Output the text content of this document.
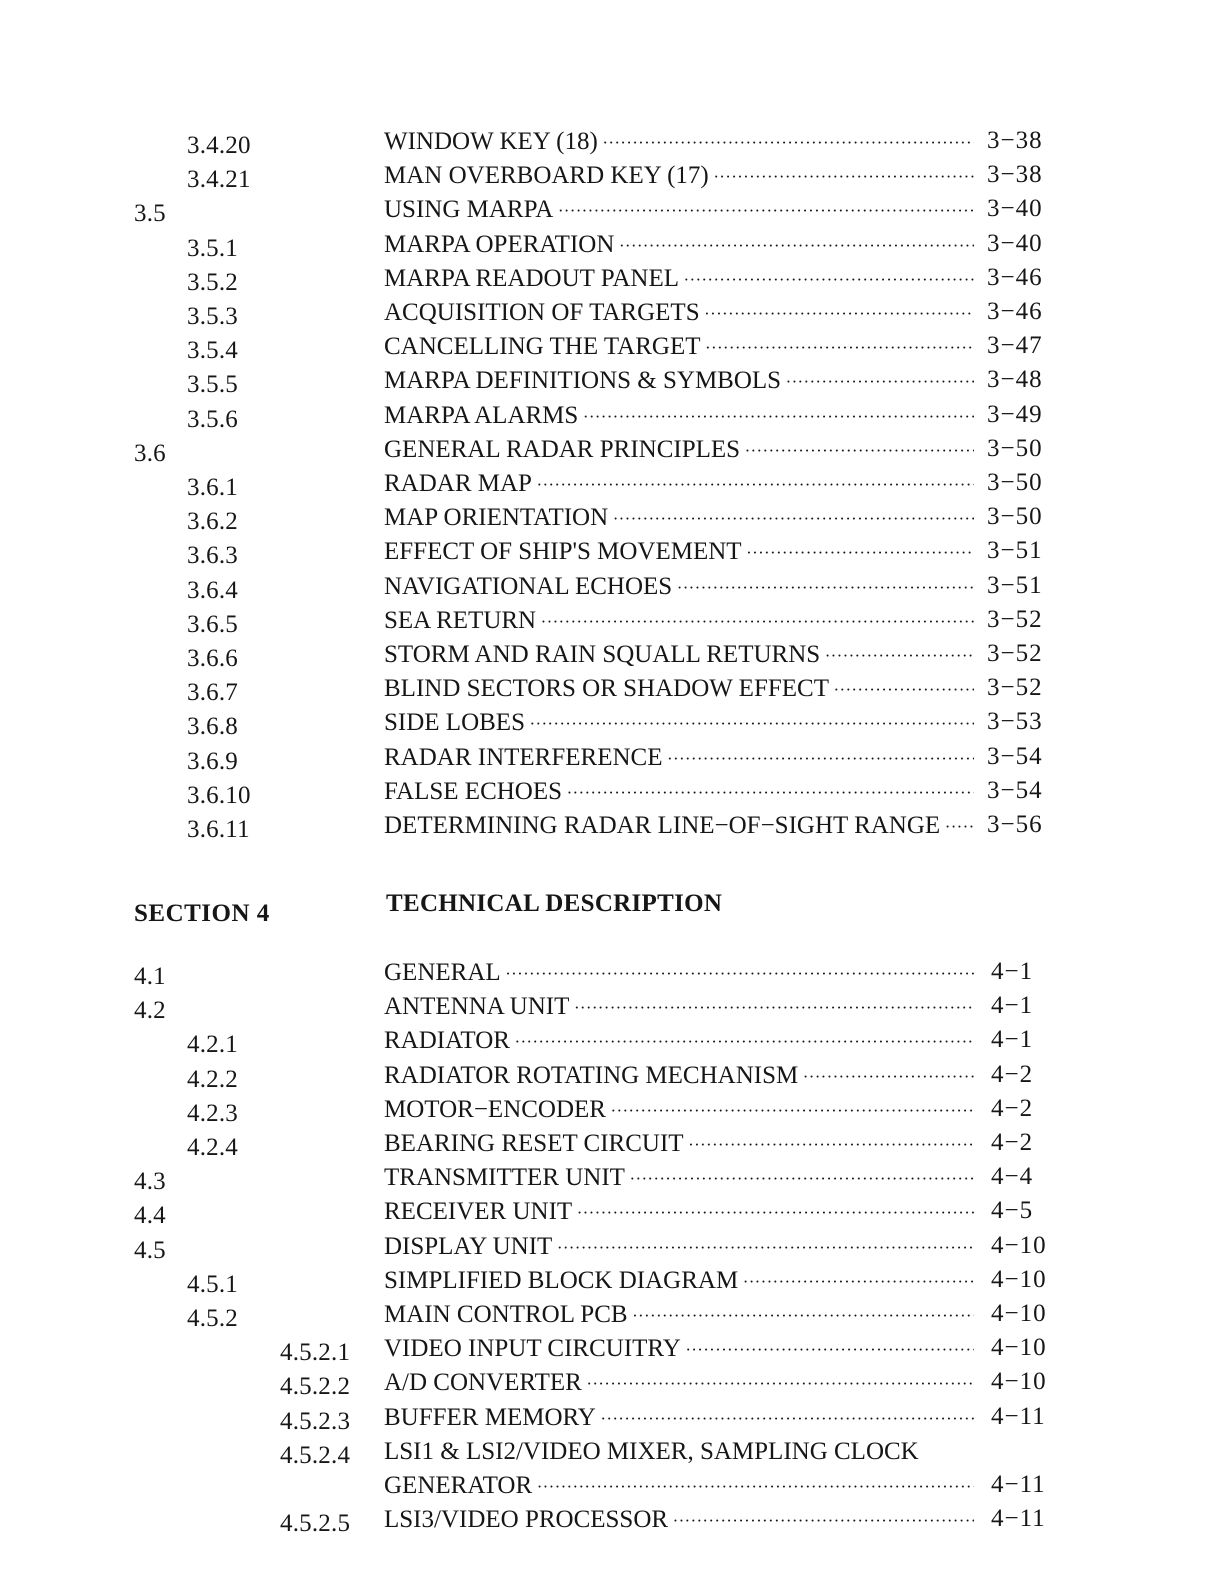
3.4.20	WINDOW KEY (18) ·····	3−38
3.4.21	MAN OVERBOARD KEY (17) ·····	3−38
3.5	USING MARPA ·····	3−40
3.5.1	MARPA OPERATION ·····	3−40
3.5.2	MARPA READOUT PANEL ·····	3−46
3.5.3	ACQUISITION OF TARGETS ·····	3−46
3.5.4	CANCELLING THE TARGET ·····	3−47
3.5.5	MARPA DEFINITIONS & SYMBOLS ·····	3−48
3.5.6	MARPA ALARMS ·····	3−49
3.6	GENERAL RADAR PRINCIPLES ·····	3−50
3.6.1	RADAR MAP ·····	3−50
3.6.2	MAP ORIENTATION ·····	3−50
3.6.3	EFFECT OF SHIP'S MOVEMENT ·····	3−51
3.6.4	NAVIGATIONAL ECHOES ·····	3−51
3.6.5	SEA RETURN ·····	3−52
3.6.6	STORM AND RAIN SQUALL RETURNS ·····	3−52
3.6.7	BLIND SECTORS OR SHADOW EFFECT ·····	3−52
3.6.8	SIDE LOBES ·····	3−53
3.6.9	RADAR INTERFERENCE ·····	3−54
3.6.10	FALSE ECHOES ·····	3−54
3.6.11	DETERMINING RADAR LINE−OF−SIGHT RANGE ·····	3−56
SECTION 4	TECHNICAL DESCRIPTION
4.1	GENERAL ·····	4−1
4.2	ANTENNA UNIT ·····	4−1
4.2.1	RADIATOR ·····	4−1
4.2.2	RADIATOR ROTATING MECHANISM ·····	4−2
4.2.3	MOTOR−ENCODER ·····	4−2
4.2.4	BEARING RESET CIRCUIT ·····	4−2
4.3	TRANSMITTER UNIT ·····	4−4
4.4	RECEIVER UNIT ·····	4−5
4.5	DISPLAY UNIT ·····	4−10
4.5.1	SIMPLIFIED BLOCK DIAGRAM ·····	4−10
4.5.2	MAIN CONTROL PCB ·····	4−10
4.5.2.1 VIDEO INPUT CIRCUITRY ·····	4−10
4.5.2.2 A/D CONVERTER ·····	4−10
4.5.2.3 BUFFER MEMORY ·····	4−11
4.5.2.4 LSI1 & LSI2/VIDEO MIXER, SAMPLING CLOCK
GENERATOR ·····	4−11
4.5.2.5 LSI3/VIDEO PROCESSOR ·····	4−11
